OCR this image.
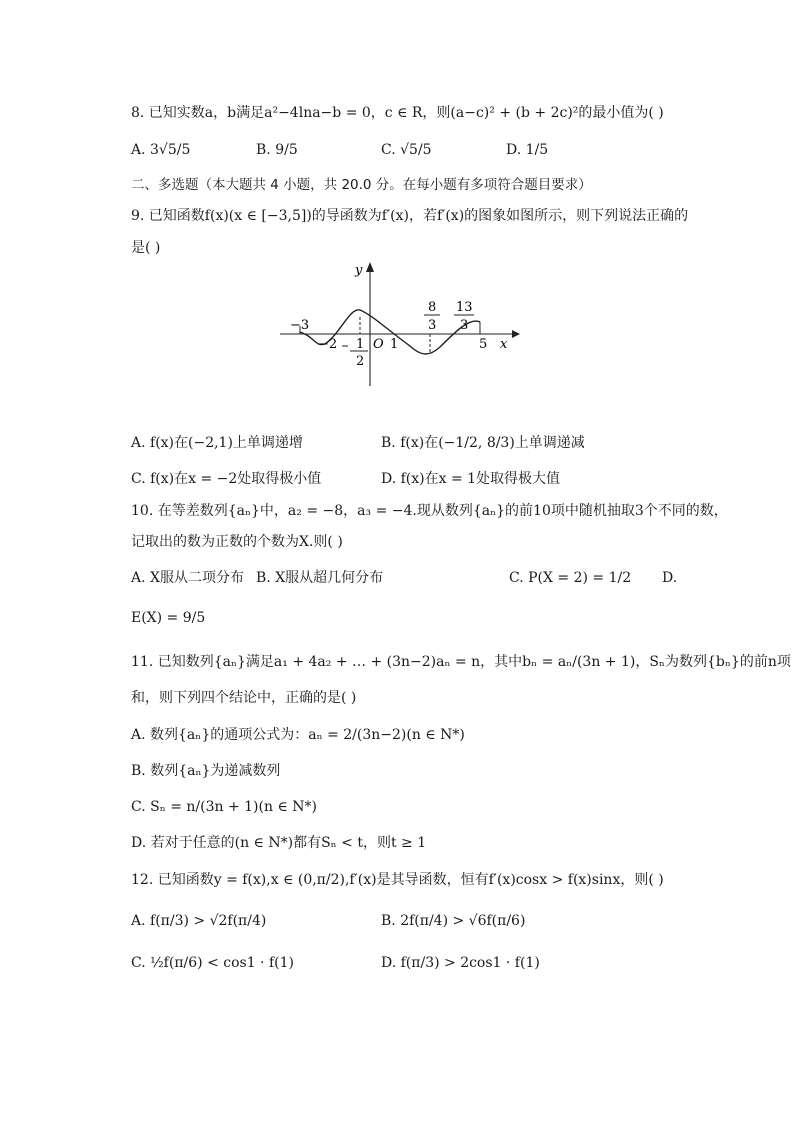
8. 已知实数a，b满足a²−4lna−b = 0，c ∈ R，则(a−c)² + (b + 2c)²的最小值为( )
A. 3√5/5	B. 9/5	C. √5/5	D. 1/5
二、多选题（本大题共 4 小题，共 20.0 分。在每小题有多项符合题目要求）
9. 已知函数f(x)(x ∈ [−3,5])的导函数为f′(x)，若f′(x)的图象如图所示，则下列说法正确的
是( )
y
x
O
−3
−2	1	5
1
2
8
3
13
3
A. f(x)在(−2,1)上单调递增	B. f(x)在(−1/2, 8/3)上单调递减
C. f(x)在x = −2处取得极小值	D. f(x)在x = 1处取得极大值
10. 在等差数列{aₙ}中，a₂ = −8，a₃ = −4.现从数列{aₙ}的前10项中随机抽取3个不同的数，
记取出的数为正数的个数为X.则( )
A. X服从二项分布 B. X服从超几何分布	C. P(X = 2) = 1/2 D.
E(X) = 9/5
11. 已知数列{aₙ}满足a₁ + 4a₂ + … + (3n−2)aₙ = n，其中bₙ = aₙ/(3n + 1)，Sₙ为数列{bₙ}的前n项
和，则下列四个结论中，正确的是( )
A. 数列{aₙ}的通项公式为：aₙ = 2/(3n−2)(n ∈ N*)
B. 数列{aₙ}为递减数列
C. Sₙ = n/(3n + 1)(n ∈ N*)
D. 若对于任意的(n ∈ N*)都有Sₙ < t，则t ≥ 1
12. 已知函数y = f(x),x ∈ (0,π/2),f′(x)是其导函数，恒有f′(x)cosx > f(x)sinx，则( )
A. f(π/3) > √2f(π/4)	B. 2f(π/4) > √6f(π/6)
C. ½f(π/6) < cos1 · f(1)	D. f(π/3) > 2cos1 · f(1)
